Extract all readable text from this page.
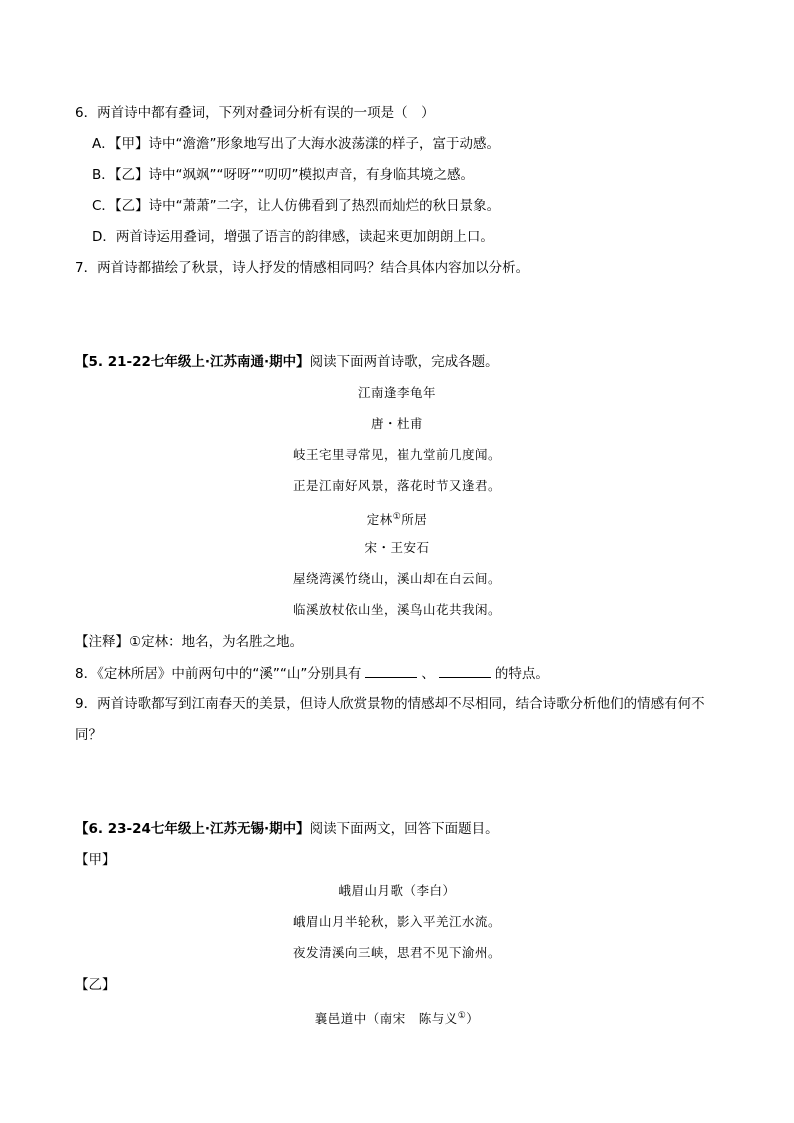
6．两首诗中都有叠词，下列对叠词分析有误的一项是（　）
A．【甲】诗中“澹澹”形象地写出了大海水波荡漾的样子，富于动感。
B．【乙】诗中“飒飒”“呀呀”“叨叨”模拟声音，有身临其境之感。
C．【乙】诗中“萧萧”二字，让人仿佛看到了热烈而灿烂的秋日景象。
D．两首诗运用叠词，增强了语言的韵律感，读起来更加朗朗上口。
7．两首诗都描绘了秋景，诗人抒发的情感相同吗？结合具体内容加以分析。
【5. 21-22七年级上·江苏南通·期中】阅读下面两首诗歌，完成各题。
江南逢李龟年
唐・杜甫
岐王宅里寻常见，崔九堂前几度闻。
正是江南好风景，落花时节又逢君。
定林①所居
宋・王安石
屋绕湾溪竹绕山，溪山却在白云间。
临溪放杖依山坐，溪鸟山花共我闲。
【注释】①定林：地名，为名胜之地。
8．《定林所居》中前两句中的“溪”“山”分别具有	、	的特点。
9．两首诗歌都写到江南春天的美景，但诗人欣赏景物的情感却不尽相同，结合诗歌分析他们的情感有何不
同？
【6. 23-24七年级上·江苏无锡·期中】阅读下面两文，回答下面题目。
【甲】
峨眉山月歌（李白）
峨眉山月半轮秋，影入平羌江水流。
夜发清溪向三峡，思君不见下渝州。
【乙】
襄邑道中（南宋　陈与义①）
